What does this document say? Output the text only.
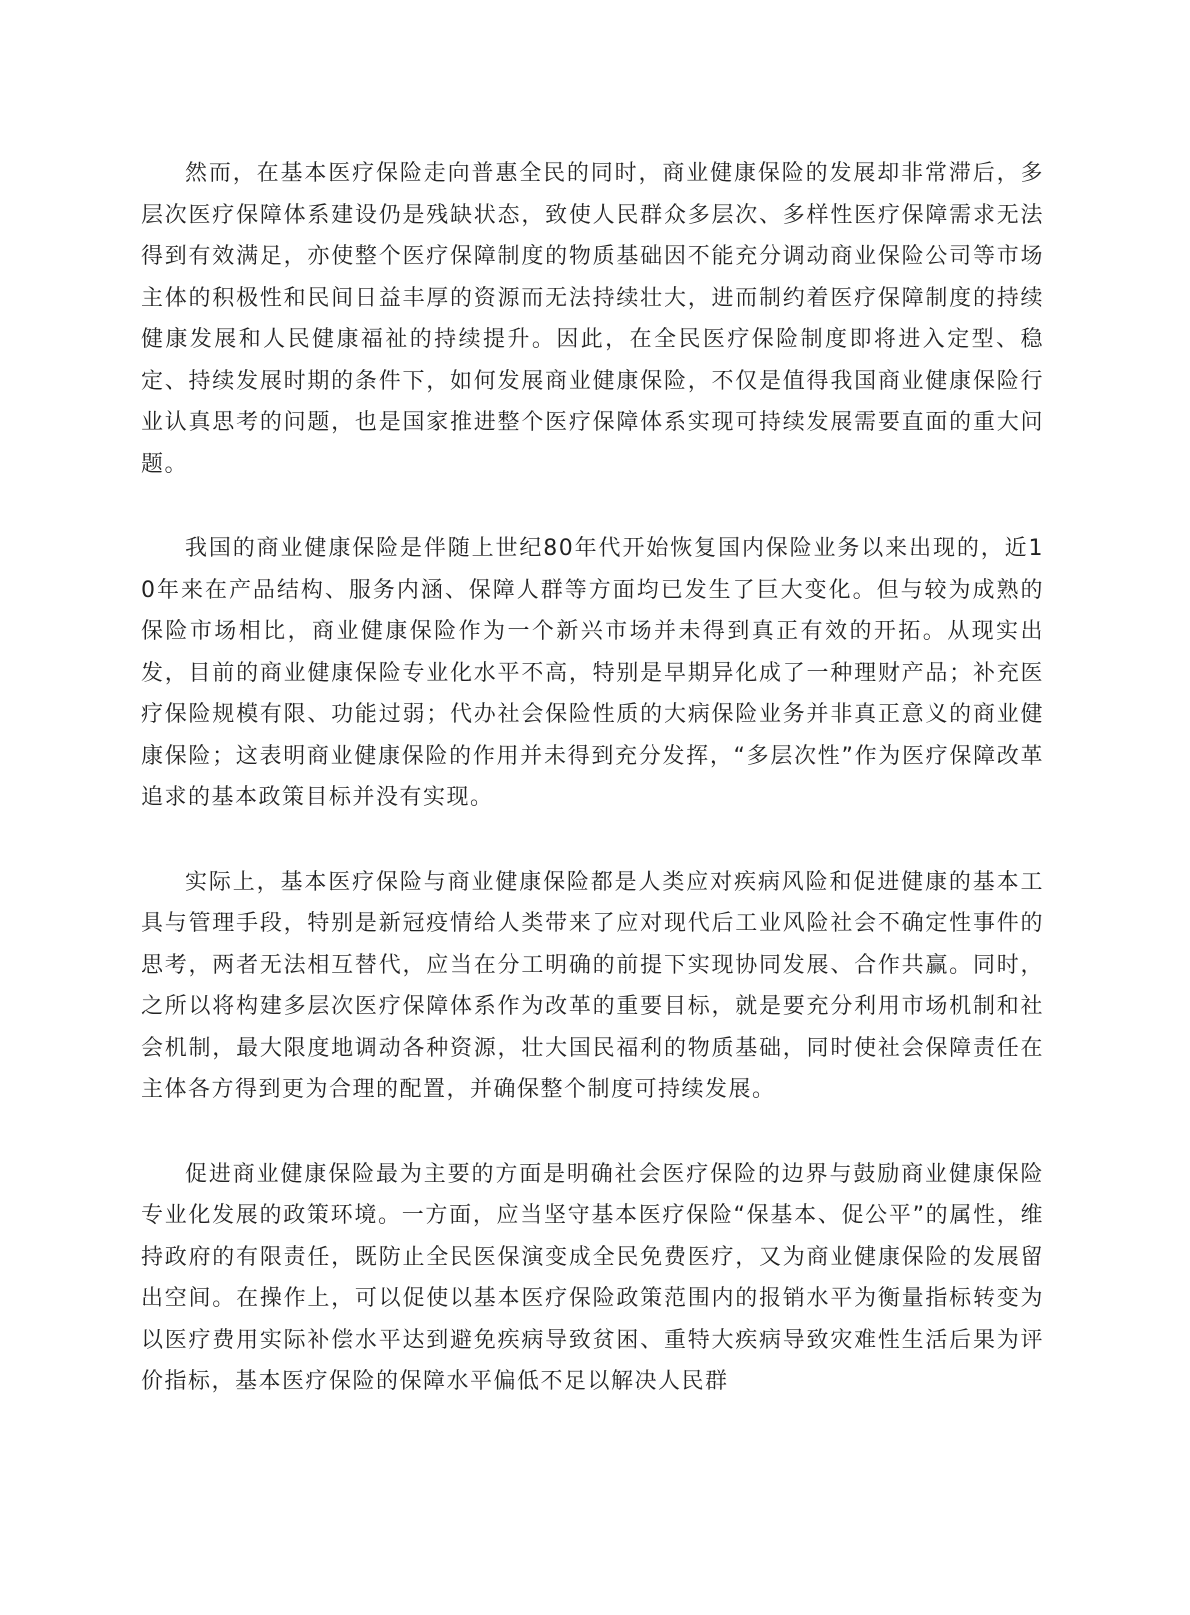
然而，在基本医疗保险走向普惠全民的同时，商业健康保险的发展却非常滞后，多层次医疗保障体系建设仍是残缺状态，致使人民群众多层次、多样性医疗保障需求无法得到有效满足，亦使整个医疗保障制度的物质基础因不能充分调动商业保险公司等市场主体的积极性和民间日益丰厚的资源而无法持续壮大，进而制约着医疗保障制度的持续健康发展和人民健康福祉的持续提升。因此，在全民医疗保险制度即将进入定型、稳定、持续发展时期的条件下，如何发展商业健康保险，不仅是值得我国商业健康保险行业认真思考的问题，也是国家推进整个医疗保障体系实现可持续发展需要直面的重大问题。

我国的商业健康保险是伴随上世纪80年代开始恢复国内保险业务以来出现的，近10年来在产品结构、服务内涵、保障人群等方面均已发生了巨大变化。但与较为成熟的保险市场相比，商业健康保险作为一个新兴市场并未得到真正有效的开拓。从现实出发，目前的商业健康保险专业化水平不高，特别是早期异化成了一种理财产品；补充医疗保险规模有限、功能过弱；代办社会保险性质的大病保险业务并非真正意义的商业健康保险；这表明商业健康保险的作用并未得到充分发挥，“多层次性”作为医疗保障改革追求的基本政策目标并没有实现。

实际上，基本医疗保险与商业健康保险都是人类应对疾病风险和促进健康的基本工具与管理手段，特别是新冠疫情给人类带来了应对现代后工业风险社会不确定性事件的思考，两者无法相互替代，应当在分工明确的前提下实现协同发展、合作共赢。同时，之所以将构建多层次医疗保障体系作为改革的重要目标，就是要充分利用市场机制和社会机制，最大限度地调动各种资源，壮大国民福利的物质基础，同时使社会保障责任在主体各方得到更为合理的配置，并确保整个制度可持续发展。

促进商业健康保险最为主要的方面是明确社会医疗保险的边界与鼓励商业健康保险专业化发展的政策环境。一方面，应当坚守基本医疗保险“保基本、促公平”的属性，维持政府的有限责任，既防止全民医保演变成全民免费医疗，又为商业健康保险的发展留出空间。在操作上，可以促使以基本医疗保险政策范围内的报销水平为衡量指标转变为以医疗费用实际补偿水平达到避免疾病导致贫困、重特大疾病导致灾难性生活后果为评价指标，基本医疗保险的保障水平偏低不足以解决人民群
